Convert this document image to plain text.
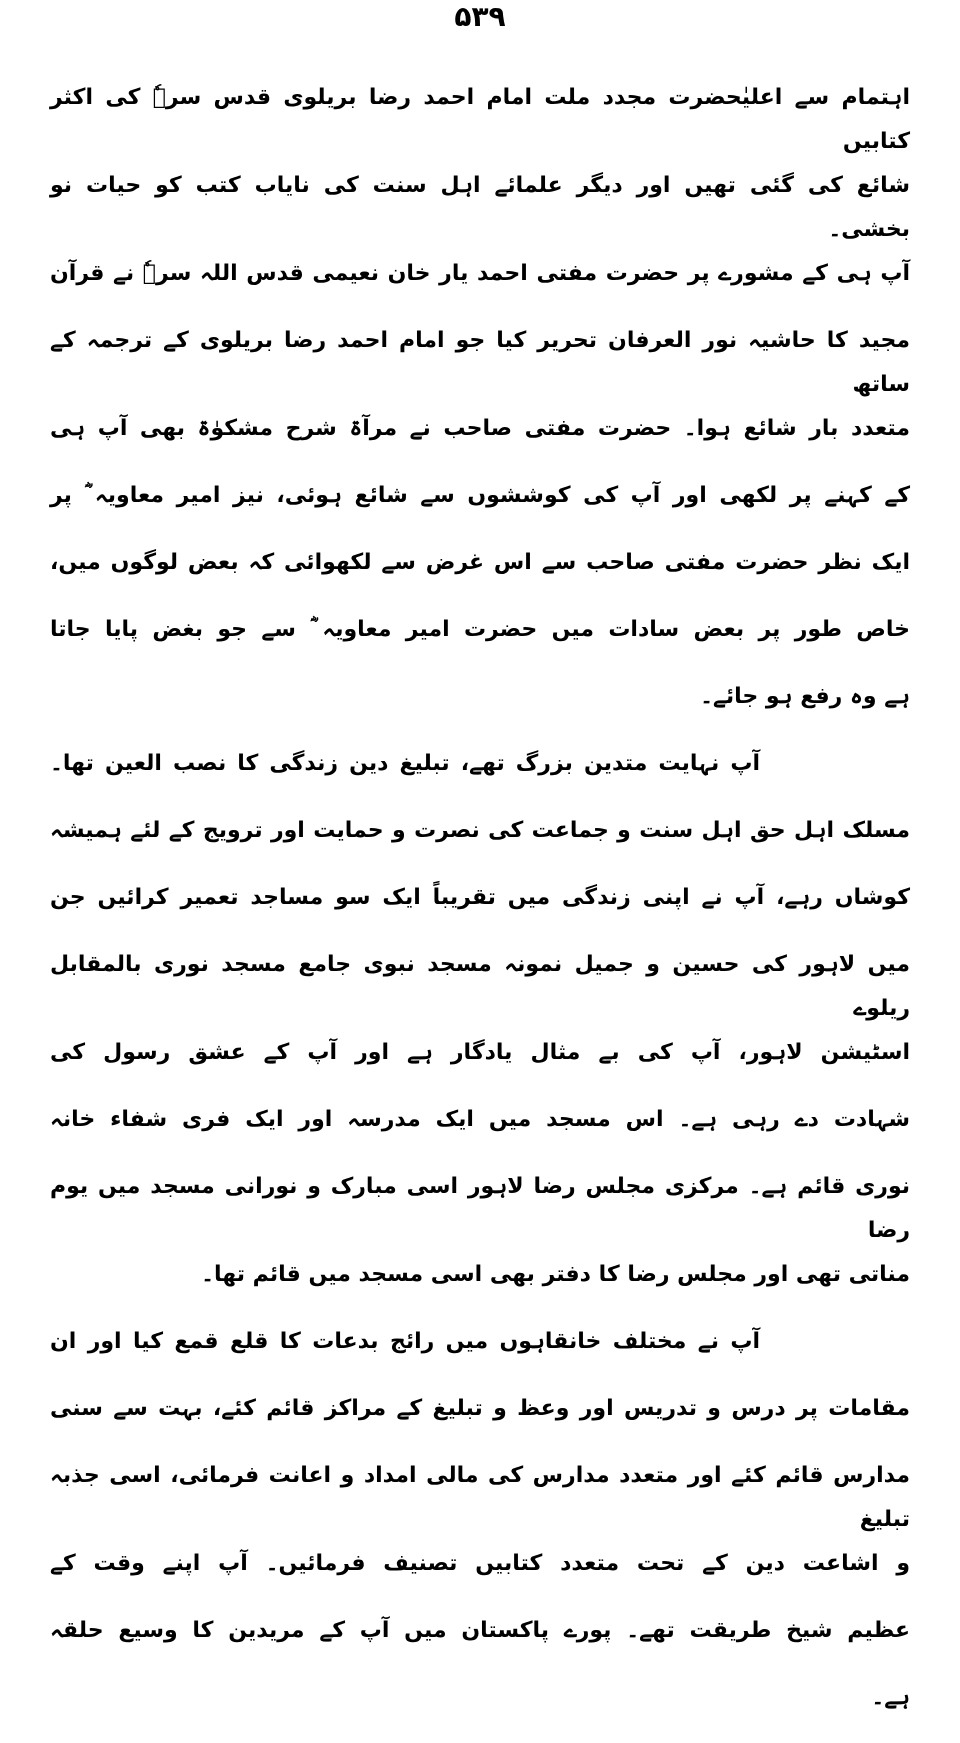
۵۳۹
اہتمام سے اعلیٰحضرت مجدد ملت امام احمد رضا بریلوی قدس سرہٗ کی اکثر کتابیں
شائع کی گئی تھیں اور دیگر علمائے اہل سنت کی نایاب کتب کو حیات نو بخشی۔
آپ ہی کے مشورے پر حضرت مفتی احمد یار خان نعیمی قدس اللہ سرہٗ نے قرآن
مجید کا حاشیہ نور العرفان تحریر کیا جو امام احمد رضا بریلوی کے ترجمہ کے ساتھ
متعدد بار شائع ہوا۔ حضرت مفتی صاحب نے مرآۃ شرح مشکوٰۃ بھی آپ ہی
کے کہنے پر لکھی اور آپ کی کوششوں سے شائع ہوئی، نیز امیر معاویہ ؓ پر
ایک نظر حضرت مفتی صاحب سے اس غرض سے لکھوائی کہ بعض لوگوں میں،
خاص طور پر بعض سادات میں حضرت امیر معاویہ ؓ سے جو بغض پایا جاتا
ہے وہ رفع ہو جائے۔
آپ نہایت متدین بزرگ تھے، تبلیغ دین زندگی کا نصب العین تھا۔
مسلک اہل حق اہل سنت و جماعت کی نصرت و حمایت اور ترویج کے لئے ہمیشہ
کوشاں رہے، آپ نے اپنی زندگی میں تقریباً ایک سو مساجد تعمیر کرائیں جن
میں لاہور کی حسین و جمیل نمونہ مسجد نبوی جامع مسجد نوری بالمقابل ریلوے
اسٹیشن لاہور، آپ کی بے مثال یادگار ہے اور آپ کے عشق رسول کی
شہادت دے رہی ہے۔ اس مسجد میں ایک مدرسہ اور ایک فری شفاء خانہ
نوری قائم ہے۔ مرکزی مجلس رضا لاہور اسی مبارک و نورانی مسجد میں یوم رضا
مناتی تھی اور مجلس رضا کا دفتر بھی اسی مسجد میں قائم تھا۔
آپ نے مختلف خانقاہوں میں رائج بدعات کا قلع قمع کیا اور ان
مقامات پر درس و تدریس اور وعظ و تبلیغ کے مراکز قائم کئے، بہت سے سنی
مدارس قائم کئے اور متعدد مدارس کی مالی امداد و اعانت فرمائی، اسی جذبہ تبلیغ
و اشاعت دین کے تحت متعدد کتابیں تصنیف فرمائیں۔ آپ اپنے وقت کے
عظیم شیخ طریقت تھے۔ پورے پاکستان میں آپ کے مریدین کا وسیع حلقہ
ہے۔
